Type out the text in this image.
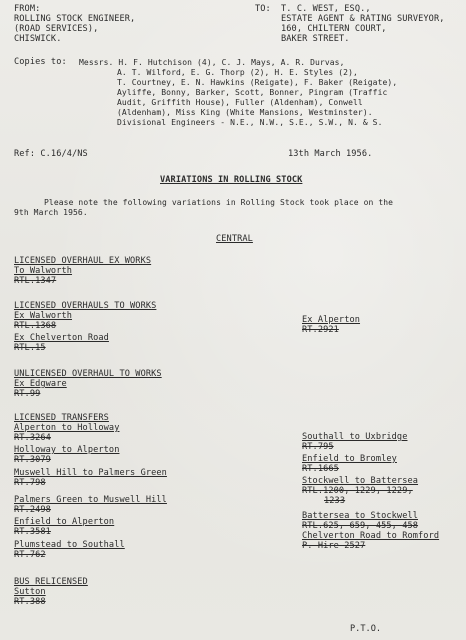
FROM:
ROLLING STOCK ENGINEER,
(ROAD SERVICES),
CHISWICK.
TO: T. C. WEST, ESQ.,
ESTATE AGENT & RATING SURVEYOR,
160, CHILTERN COURT,
BAKER STREET.
Copies to: Messrs. H. F. Hutchison (4), C. J. Mays, A. R. Durvas,
A. T. Wilford, E. G. Thorp (2), H. E. Styles (2),
T. Courtney, E. N. Hawkins (Reigate), F. Baker (Reigate),
Ayliffe, Bonny, Barker, Scott, Bonner, Pingram (Traffic
Audit, Griffith House), Fuller (Aldenham), Conwell
(Aldenham), Miss King (White Mansions, Westminster).
Divisional Engineers - N.E., N.W., S.E., S.W., N. & S.
Ref: C.16/4/NS	13th March 1956.
VARIATIONS IN ROLLING STOCK
Please note the following variations in Rolling Stock took place on the
9th March 1956.
CENTRAL
LICENSED OVERHAUL EX WORKS
To Walworth
RTL.1347
LICENSED OVERHAULS TO WORKS
Ex Walworth
RTL.1368
Ex Chelverton Road
RTL.15
UNLICENSED OVERHAUL TO WORKS
Ex Edgware
RT.99
LICENSED TRANSFERS
Alperton to Holloway
RT.3264
Holloway to Alperton
RT.3079
Muswell Hill to Palmers Green
RT.798
Palmers Green to Muswell Hill
RT.2498
Enfield to Alperton
RT.3581
Plumstead to Southall
RT.762
BUS RELICENSED
Sutton
RT.388
Ex Alperton
RT.2921
Southall to Uxbridge
RT.795
Enfield to Bromley
RT.1665
Stockwell to Battersea
RTL.1200, 1229, 1229,
1233
Battersea to Stockwell
RTL.625, 659, 455, 458
Chelverton Road to Romford
P. Hire 2527
P.T.O.
